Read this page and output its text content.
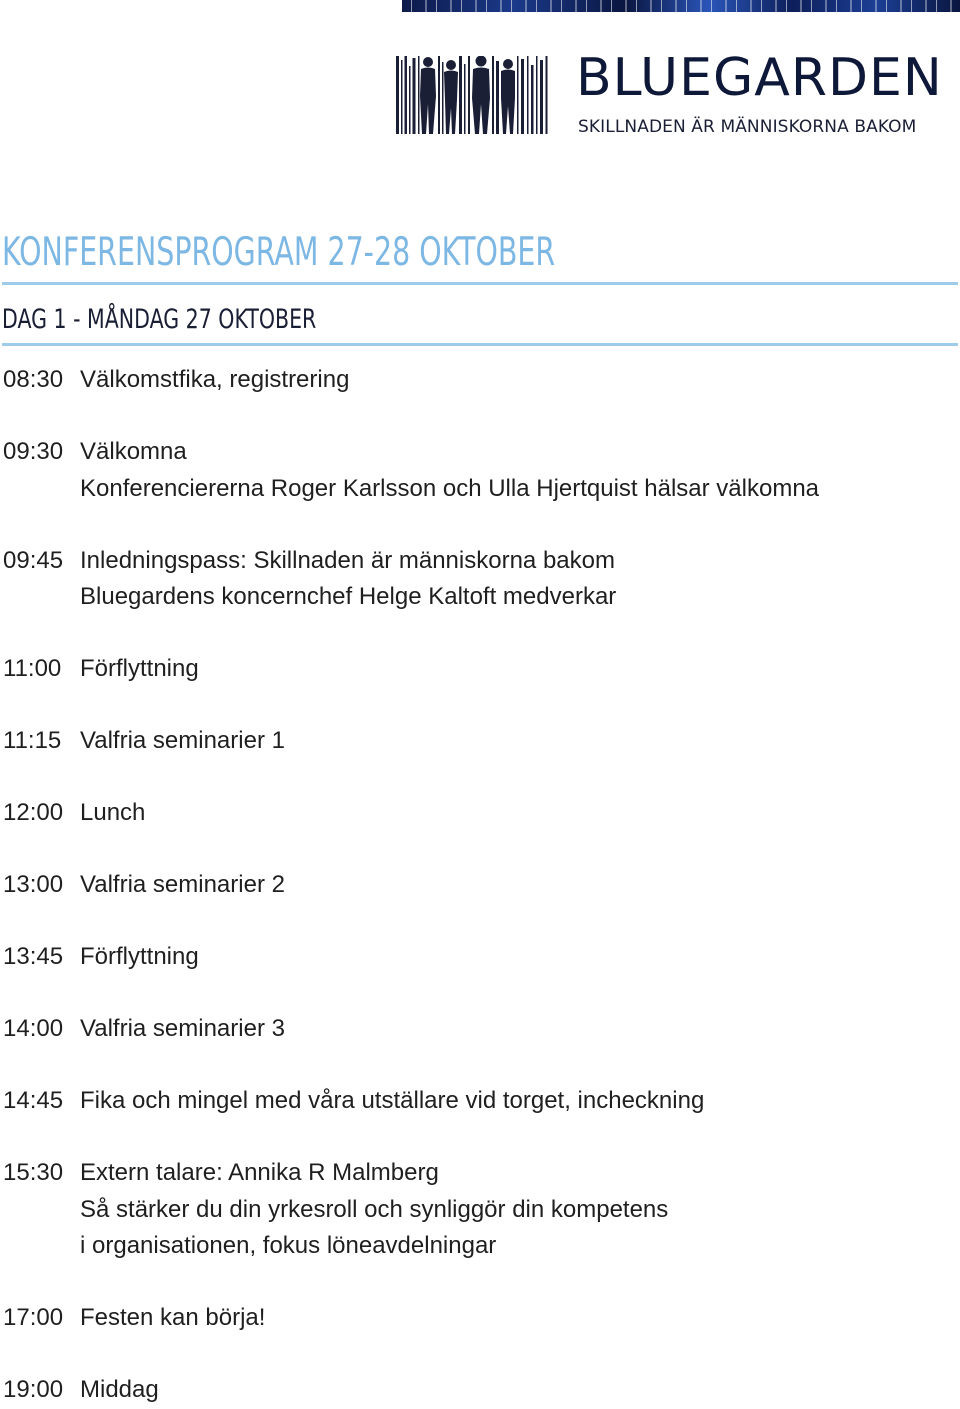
BLUEGARDEN
SKILLNADEN ÄR MÄNNISKORNA BAKOM
KONFERENSPROGRAM 27-28 OKTOBER
DAG 1 - MÅNDAG 27 OKTOBER
08:30 Välkomstfika, registrering
09:30 Välkomna
Konferenciererna Roger Karlsson och Ulla Hjertquist hälsar välkomna
09:45 Inledningspass: Skillnaden är människorna bakom
Bluegardens koncernchef Helge Kaltoft medverkar
11:00 Förflyttning
11:15 Valfria seminarier 1
12:00 Lunch
13:00 Valfria seminarier 2
13:45 Förflyttning
14:00 Valfria seminarier 3
14:45 Fika och mingel med våra utställare vid torget, incheckning
15:30 Extern talare: Annika R Malmberg
Så stärker du din yrkesroll och synliggör din kompetens
i organisationen, fokus löneavdelningar
17:00 Festen kan börja!
19:00 Middag
